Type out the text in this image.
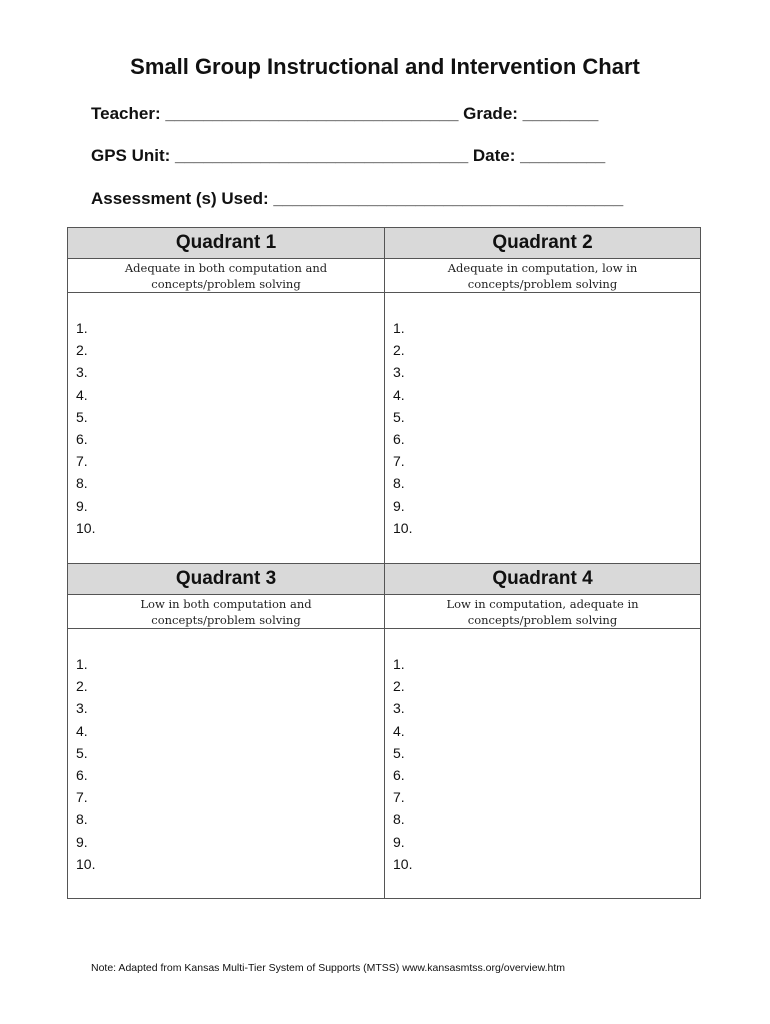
Small Group Instructional and Intervention Chart
Teacher: _______________________________ Grade: ________
GPS Unit: _______________________________ Date: _________
Assessment (s) Used: _____________________________________
Quadrant 1
Adequate in both computation and
concepts/problem solving
1.
2.
3.
4.
5.
6.
7.
8.
9.
10.
Quadrant 2
Adequate in computation, low in
concepts/problem solving
1.
2.
3.
4.
5.
6.
7.
8.
9.
10.
Quadrant 3
Low in both computation and
concepts/problem solving
1.
2.
3.
4.
5.
6.
7.
8.
9.
10.
Quadrant 4
Low in computation, adequate in
concepts/problem solving
1.
2.
3.
4.
5.
6.
7.
8.
9.
10.
Note: Adapted from Kansas Multi-Tier System of Supports (MTSS) www.kansasmtss.org/overview.htm
